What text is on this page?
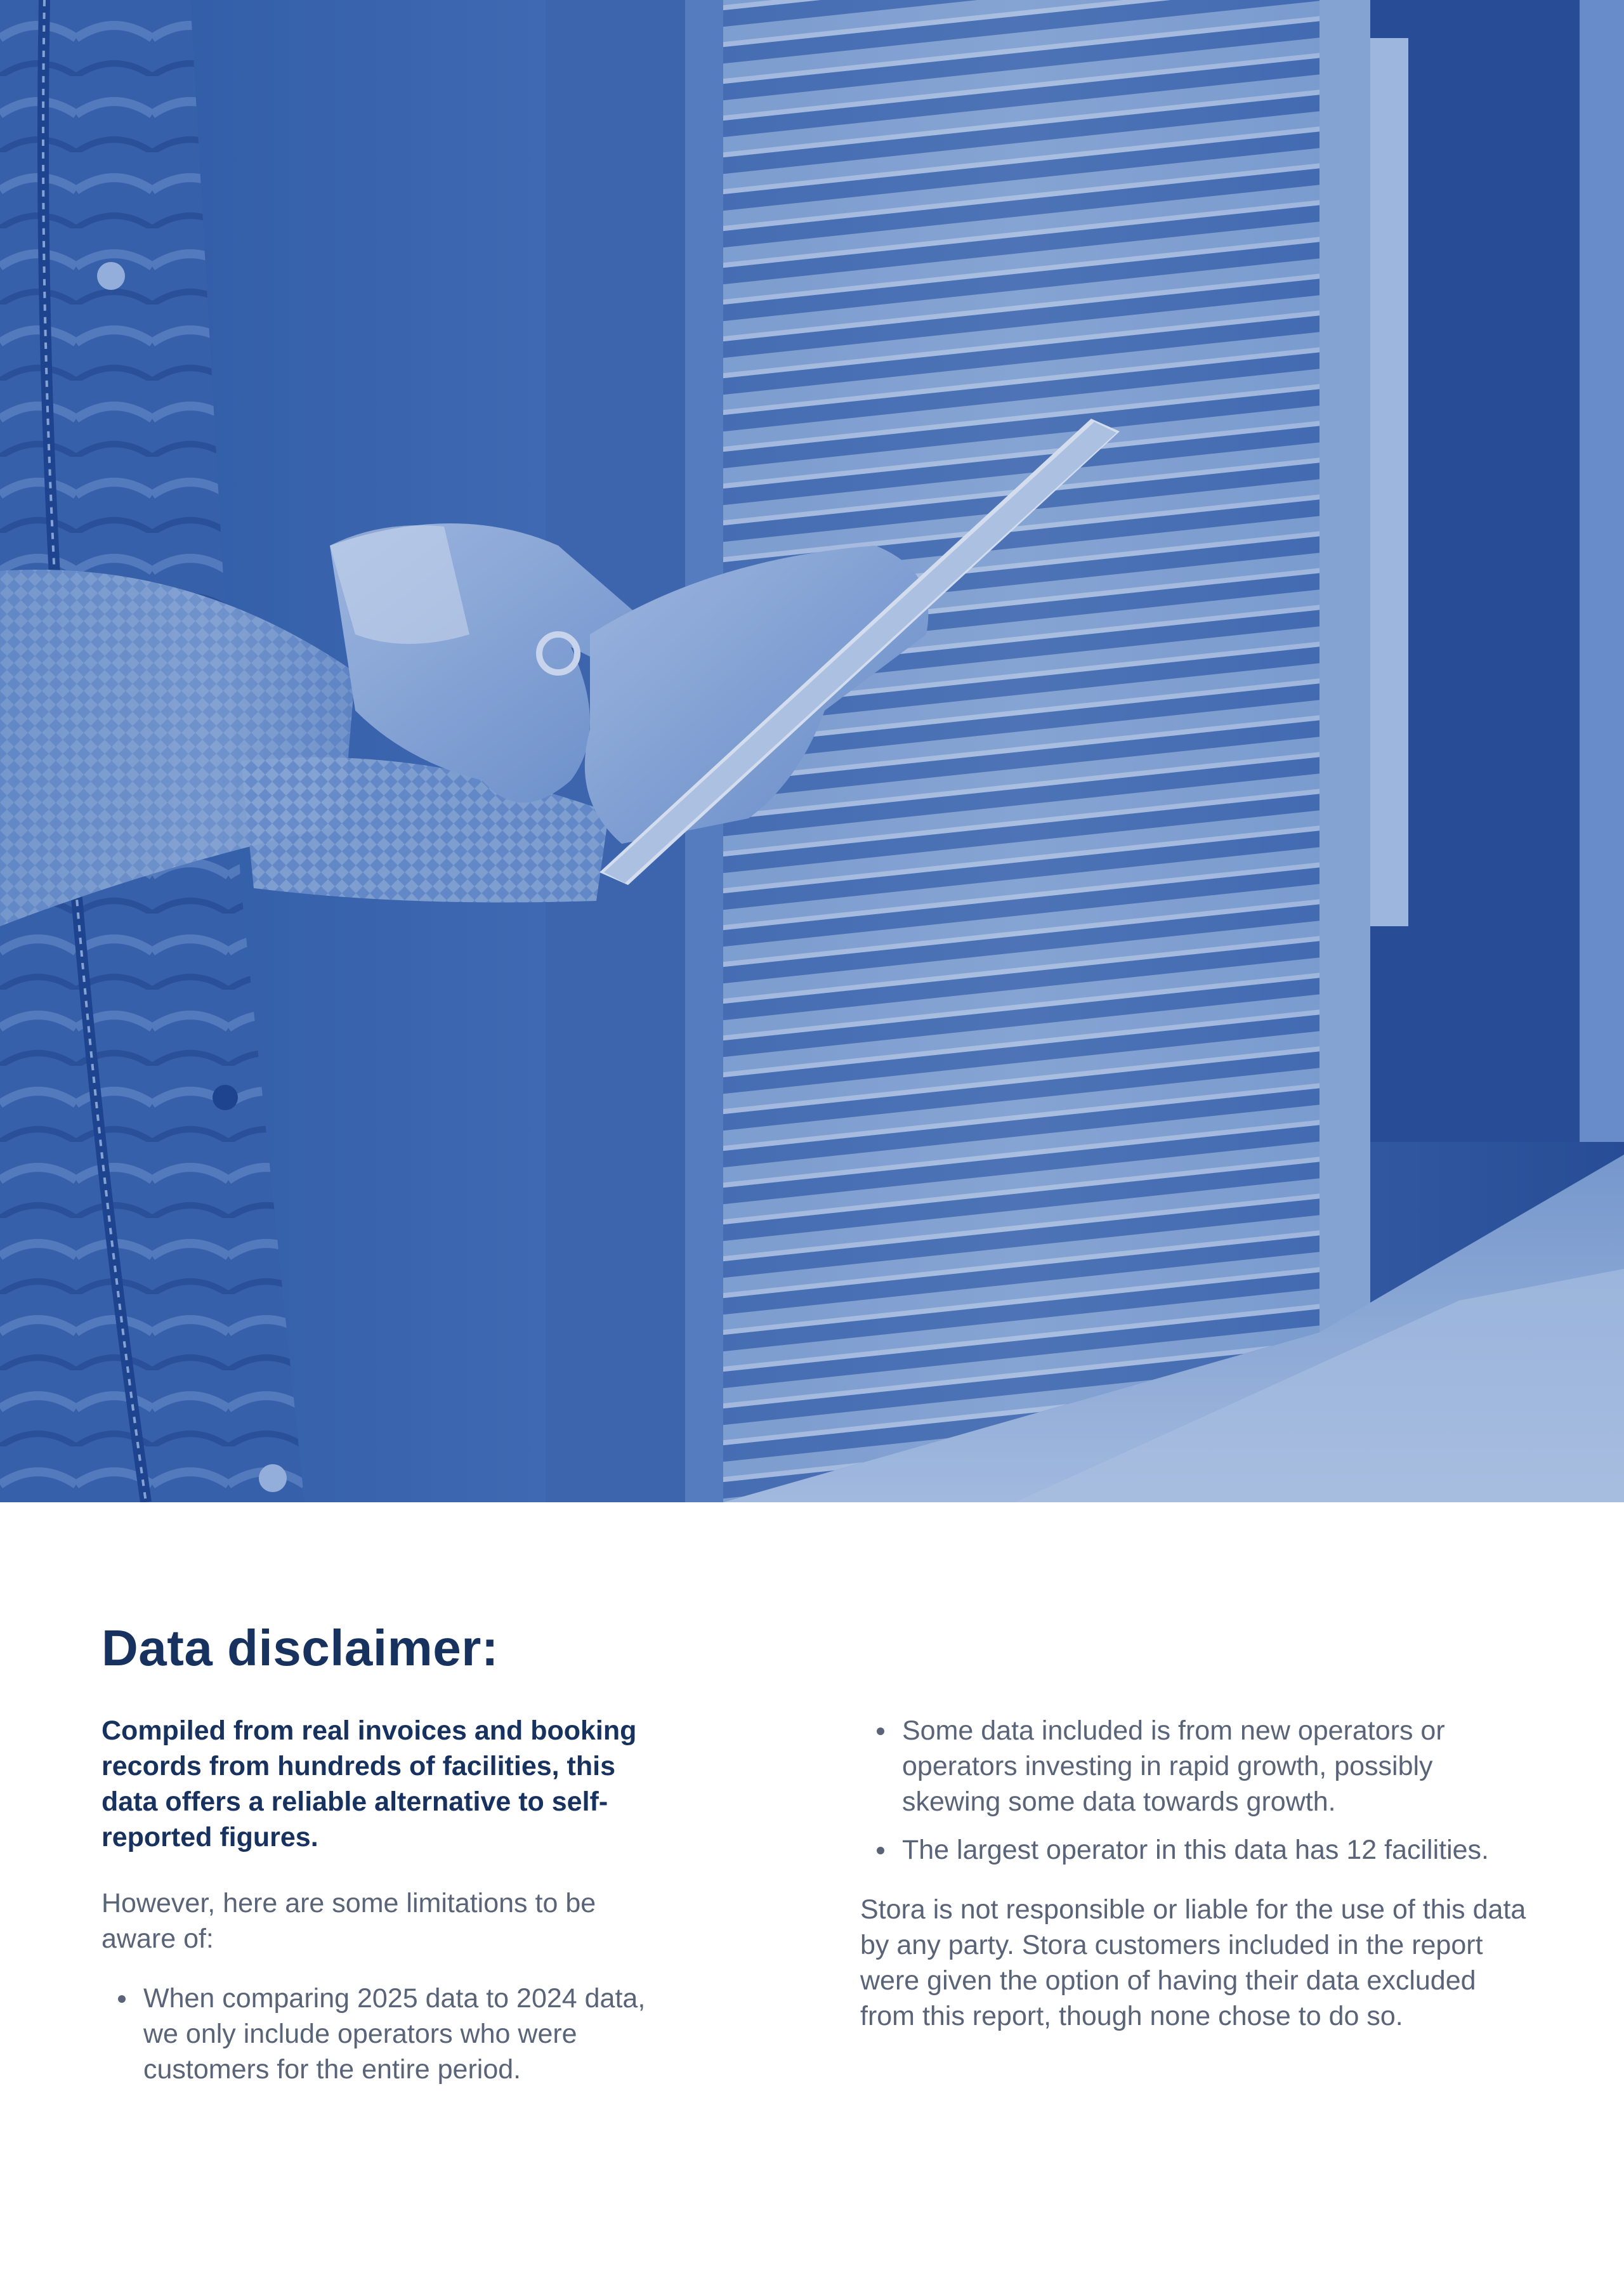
Data disclaimer:

Compiled from real invoices and booking records from hundreds of facilities, this data offers a reliable alternative to self-reported figures.

However, here are some limitations to be aware of:

When comparing 2025 data to 2024 data, we only include operators who were customers for the entire period.
Some data included is from new operators or operators investing in rapid growth, possibly skewing some data towards growth.
The largest operator in this data has 12 facilities.

Stora is not responsible or liable for the use of this data by any party. Stora customers included in the report were given the option of having their data excluded from this report, though none chose to do so.
